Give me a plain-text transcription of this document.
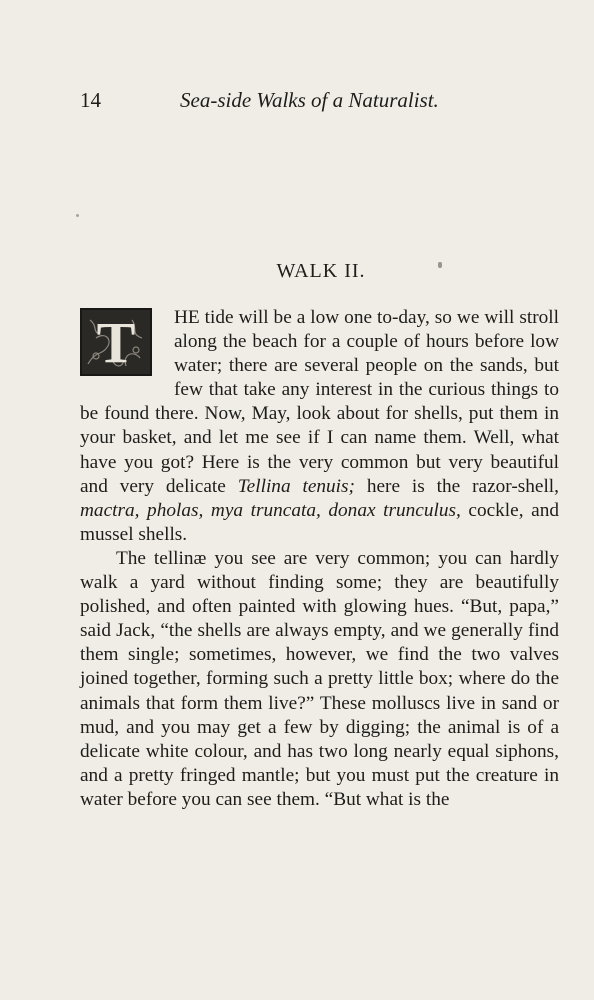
14	Sea-side Walks of a Naturalist.
WALK II.

T	HE tide will be a low one to-day, so we will stroll along the beach for a couple of hours before low water; there are several people on the sands, but few that take any interest in the curious things to be found there. Now, May, look about for shells, put them in your basket, and let me see if I can name them. Well, what have you got? Here is the very common but very beautiful and very delicate Tellina tenuis; here is the razor-shell, mactra, pholas, mya truncata, donax trunculus, cockle, and mussel shells.

The tellinæ you see are very common; you can hardly walk a yard without finding some; they are beautifully polished, and often painted with glowing hues. “But, papa,” said Jack, “the shells are always empty, and we generally find them single; sometimes, however, we find the two valves joined together, forming such a pretty little box; where do the animals that form them live?” These molluscs live in sand or mud, and you may get a few by digging; the animal is of a delicate white colour, and has two long nearly equal siphons, and a pretty fringed mantle; but you must put the creature in water before you can see them. “But what is the
